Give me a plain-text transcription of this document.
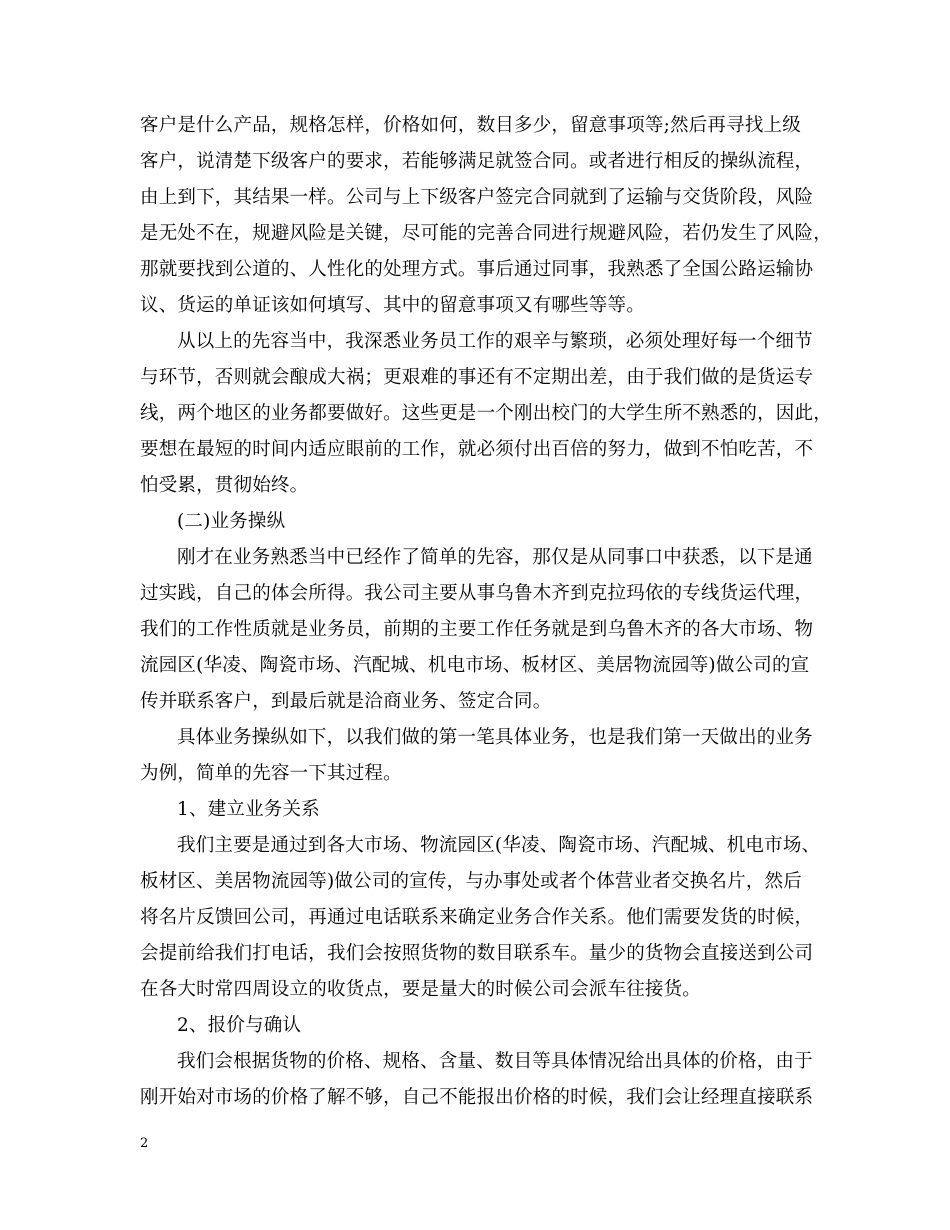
客户是什么产品，规格怎样，价格如何，数目多少，留意事项等;然后再寻找上级
客户，说清楚下级客户的要求，若能够满足就签合同。或者进行相反的操纵流程，
由上到下，其结果一样。公司与上下级客户签完合同就到了运输与交货阶段，风险
是无处不在，规避风险是关键，尽可能的完善合同进行规避风险，若仍发生了风险，
那就要找到公道的、人性化的处理方式。事后通过同事，我熟悉了全国公路运输协
议、货运的单证该如何填写、其中的留意事项又有哪些等等。
从以上的先容当中，我深悉业务员工作的艰辛与繁琐，必须处理好每一个细节
与环节，否则就会酿成大祸；更艰难的事还有不定期出差，由于我们做的是货运专
线，两个地区的业务都要做好。这些更是一个刚出校门的大学生所不熟悉的，因此，
要想在最短的时间内适应眼前的工作，就必须付出百倍的努力，做到不怕吃苦，不
怕受累，贯彻始终。
(二)业务操纵
刚才在业务熟悉当中已经作了简单的先容，那仅是从同事口中获悉，以下是通
过实践，自己的体会所得。我公司主要从事乌鲁木齐到克拉玛依的专线货运代理，
我们的工作性质就是业务员，前期的主要工作任务就是到乌鲁木齐的各大市场、物
流园区(华凌、陶瓷市场、汽配城、机电市场、板材区、美居物流园等)做公司的宣
传并联系客户，到最后就是洽商业务、签定合同。
具体业务操纵如下，以我们做的第一笔具体业务，也是我们第一天做出的业务
为例，简单的先容一下其过程。
1、建立业务关系
我们主要是通过到各大市场、物流园区(华凌、陶瓷市场、汽配城、机电市场、
板材区、美居物流园等)做公司的宣传，与办事处或者个体营业者交换名片，然后
将名片反馈回公司，再通过电话联系来确定业务合作关系。他们需要发货的时候，
会提前给我们打电话，我们会按照货物的数目联系车。量少的货物会直接送到公司
在各大时常四周设立的收货点，要是量大的时候公司会派车往接货。
2、报价与确认
我们会根据货物的价格、规格、含量、数目等具体情况给出具体的价格，由于
刚开始对市场的价格了解不够，自己不能报出价格的时候，我们会让经理直接联系
2
